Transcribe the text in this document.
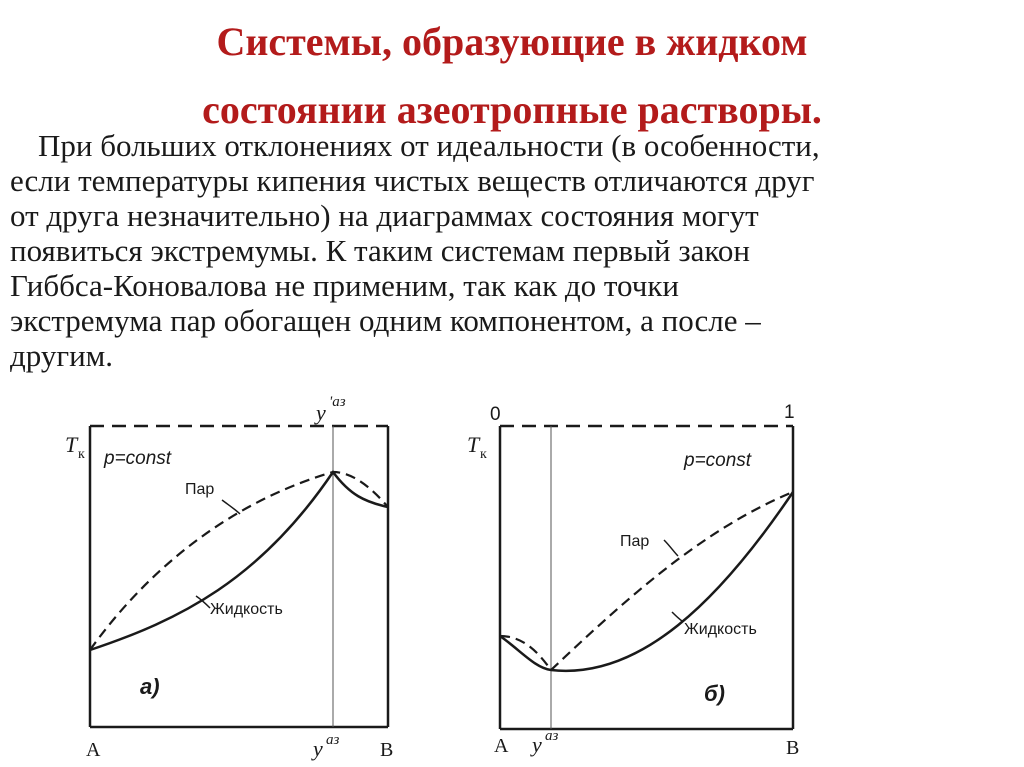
Системы, образующие в жидком
состоянии азеотропные растворы.
При больших отклонениях от идеальности (в особенности,
если температуры кипения чистых веществ отличаются друг
от друга незначительно) на диаграммах состояния могут
появиться экстремумы. К таким системам первый закон
Гиббса-Коновалова не применим, так как до точки
экстремума пар обогащен одним компонентом, а после –
другим.
T к p=const
y 'аз
Пар
Жидкость
а)
A	B
y аз
0	1
T к	p=const
Пар
Жидкость
б)
A	B
y аз
